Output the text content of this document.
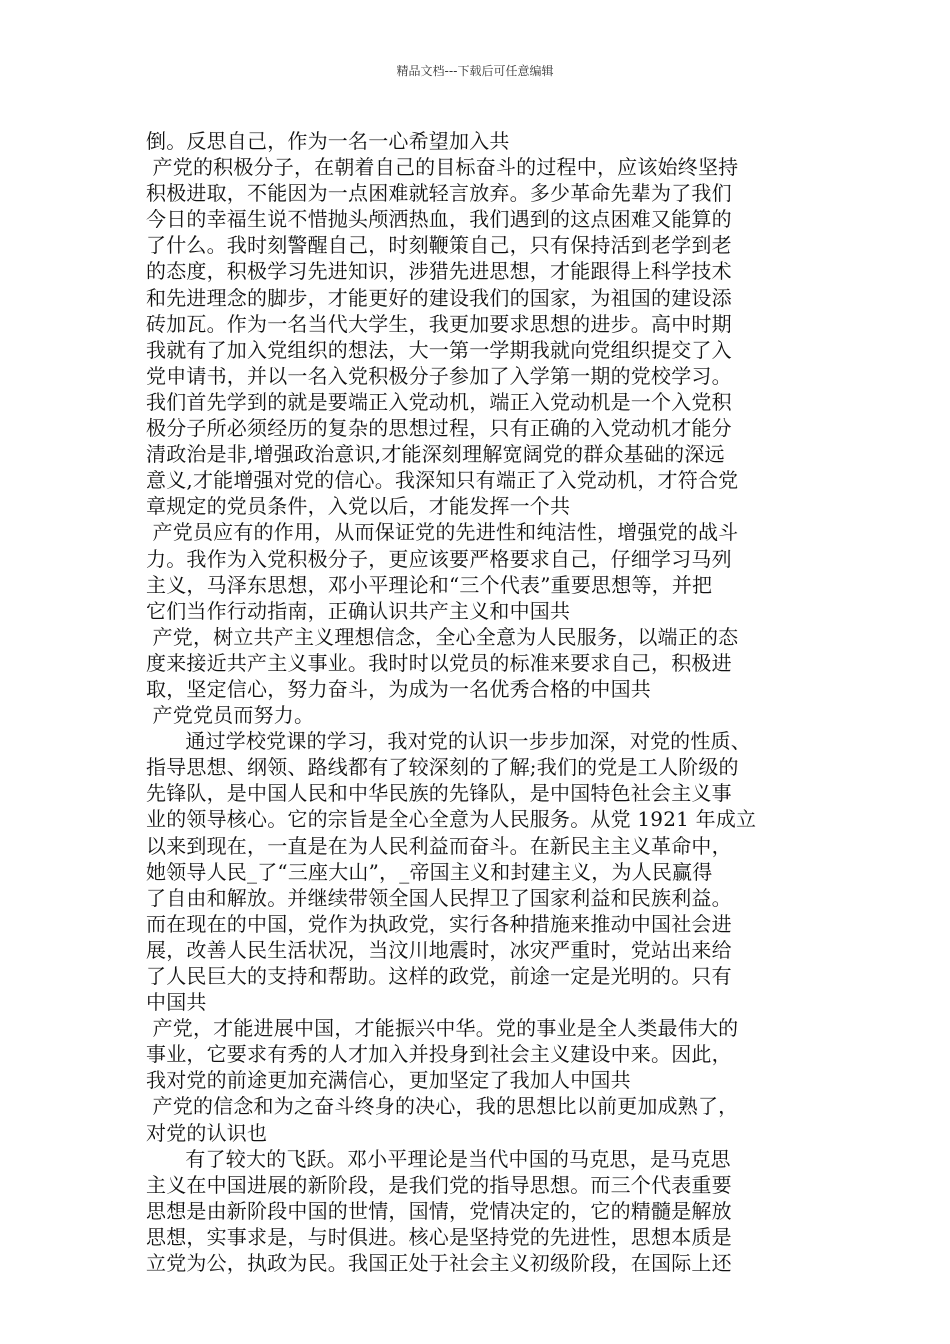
精品文档---下载后可任意编辑
倒。反思自己，作为一名一心希望加入共
产党的积极分子，在朝着自己的目标奋斗的过程中，应该始终坚持
积极进取，不能因为一点困难就轻言放弃。多少革命先辈为了我们
今日的幸福生说不惜抛头颅洒热血，我们遇到的这点困难又能算的
了什么。我时刻警醒自己，时刻鞭策自己，只有保持活到老学到老
的态度，积极学习先进知识，涉猎先进思想，才能跟得上科学技术
和先进理念的脚步，才能更好的建设我们的国家，为祖国的建设添
砖加瓦。作为一名当代大学生，我更加要求思想的进步。高中时期
我就有了加入党组织的想法，大一第一学期我就向党组织提交了入
党申请书，并以一名入党积极分子参加了入学第一期的党校学习。
我们首先学到的就是要端正入党动机，端正入党动机是一个入党积
极分子所必须经历的复杂的思想过程，只有正确的入党动机才能分
清政治是非,增强政治意识,才能深刻理解宽阔党的群众基础的深远
意义,才能增强对党的信心。我深知只有端正了入党动机，才符合党
章规定的党员条件，入党以后，才能发挥一个共
产党员应有的作用，从而保证党的先进性和纯洁性，增强党的战斗
力。我作为入党积极分子，更应该要严格要求自己，仔细学习马列
主义，马泽东思想，邓小平理论和“三个代表”重要思想等，并把
它们当作行动指南，正确认识共产主义和中国共
产党，树立共产主义理想信念，全心全意为人民服务，以端正的态
度来接近共产主义事业。我时时以党员的标准来要求自己，积极进
取，坚定信心，努力奋斗，为成为一名优秀合格的中国共
产党党员而努力。
通过学校党课的学习，我对党的认识一步步加深，对党的性质、
指导思想、纲领、路线都有了较深刻的了解;我们的党是工人阶级的
先锋队，是中国人民和中华民族的先锋队，是中国特色社会主义事
业的领导核心。它的宗旨是全心全意为人民服务。从党 1921 年成立
以来到现在，一直是在为人民利益而奋斗。在新民主主义革命中，
她领导人民_了“三座大山”，_帝国主义和封建主义，为人民赢得
了自由和解放。并继续带领全国人民捍卫了国家利益和民族利益。
而在现在的中国，党作为执政党，实行各种措施来推动中国社会进
展，改善人民生活状况，当汶川地震时，冰灾严重时，党站出来给
了人民巨大的支持和帮助。这样的政党，前途一定是光明的。只有
中国共
产党，才能进展中国，才能振兴中华。党的事业是全人类最伟大的
事业，它要求有秀的人才加入并投身到社会主义建设中来。因此，
我对党的前途更加充满信心，更加坚定了我加人中国共
产党的信念和为之奋斗终身的决心，我的思想比以前更加成熟了，
对党的认识也
有了较大的飞跃。邓小平理论是当代中国的马克思，是马克思
主义在中国进展的新阶段，是我们党的指导思想。而三个代表重要
思想是由新阶段中国的世情，国情，党情决定的，它的精髓是解放
思想，实事求是，与时俱进。核心是坚持党的先进性，思想本质是
立党为公，执政为民。我国正处于社会主义初级阶段，在国际上还
